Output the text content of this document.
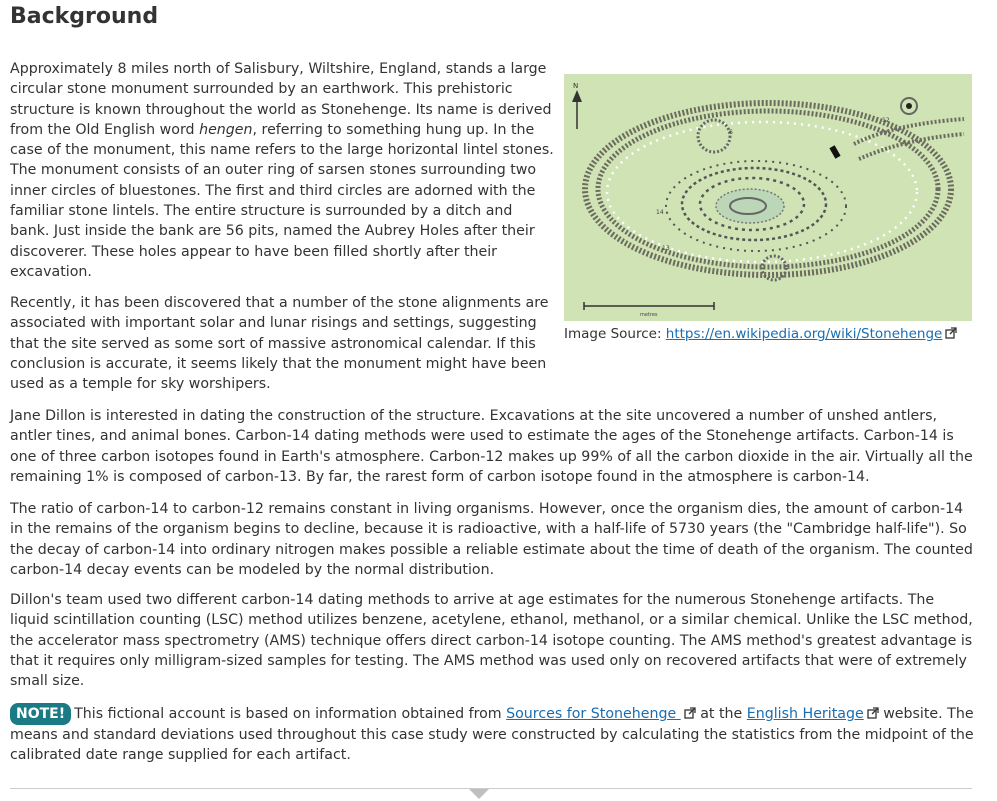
Background

Approximately 8 miles north of Salisbury, Wiltshire, England, stands a large circular stone monument surrounded by an earthwork. This prehistoric structure is known throughout the world as Stonehenge. Its name is derived from the Old English word hengen, referring to something hung up. In the case of the monument, this name refers to the large horizontal lintel stones. The monument consists of an outer ring of sarsen stones surrounding two inner circles of bluestones. The first and third circles are adorned with the familiar stone lintels. The entire structure is surrounded by a ditch and bank. Just inside the bank are 56 pits, named the Aubrey Holes after their discoverer. These holes appear to have been filled shortly after their excavation.

Recently, it has been discovered that a number of the stone alignments are associated with important solar and lunar risings and settings, suggesting that the site served as some sort of massive astronomical calendar. If this conclusion is accurate, it seems likely that the monument might have been used as a temple for sky worshipers.

N
14
13
12
6
metres
Image Source: https://en.wikipedia.org/wiki/Stonehenge

Jane Dillon is interested in dating the construction of the structure. Excavations at the site uncovered a number of unshed antlers, antler tines, and animal bones. Carbon-14 dating methods were used to estimate the ages of the Stonehenge artifacts. Carbon-14 is one of three carbon isotopes found in Earth's atmosphere. Carbon-12 makes up 99% of all the carbon dioxide in the air. Virtually all the remaining 1% is composed of carbon-13. By far, the rarest form of carbon isotope found in the atmosphere is carbon-14.

The ratio of carbon-14 to carbon-12 remains constant in living organisms. However, once the organism dies, the amount of carbon-14 in the remains of the organism begins to decline, because it is radioactive, with a half-life of 5730 years (the "Cambridge half-life"). So the decay of carbon-14 into ordinary nitrogen makes possible a reliable estimate about the time of death of the organism. The counted carbon-14 decay events can be modeled by the normal distribution.

Dillon's team used two different carbon-14 dating methods to arrive at age estimates for the numerous Stonehenge artifacts. The liquid scintillation counting (LSC) method utilizes benzene, acetylene, ethanol, methanol, or a similar chemical. Unlike the LSC method, the accelerator mass spectrometry (AMS) technique offers direct carbon-14 isotope counting. The AMS method's greatest advantage is that it requires only milligram-sized samples for testing. The AMS method was used only on recovered artifacts that were of extremely small size.

NOTE! This fictional account is based on information obtained from Sources for Stonehenge  at the English Heritage website. The means and standard deviations used throughout this case study were constructed by calculating the statistics from the midpoint of the calibrated date range supplied for each artifact.
